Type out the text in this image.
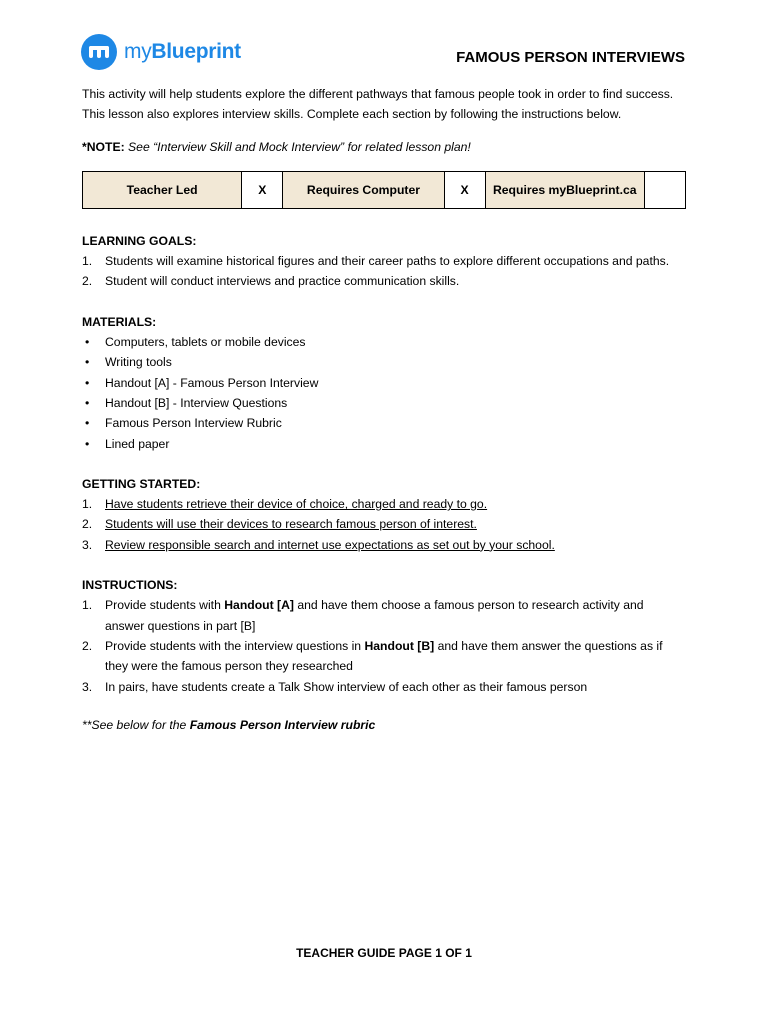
myBlueprint	FAMOUS PERSON INTERVIEWS

This activity will help students explore the different pathways that famous people took in order to find success. This lesson also explores interview skills. Complete each section by following the instructions below.

*NOTE: See “Interview Skill and Mock Interview” for related lesson plan!

Teacher Led	X	Requires Computer	X	Requires myBlueprint.ca	

LEARNING GOALS:

1. Students will examine historical figures and their career paths to explore different occupations and paths.
2. Student will conduct interviews and practice communication skills.

MATERIALS:

• Computers, tablets or mobile devices
• Writing tools
• Handout [A] - Famous Person Interview
• Handout [B] - Interview Questions
• Famous Person Interview Rubric
• Lined paper

GETTING STARTED:

1. Have students retrieve their device of choice, charged and ready to go.
2. Students will use their devices to research famous person of interest.
3. Review responsible search and internet use expectations as set out by your school.

INSTRUCTIONS:

1. Provide students with Handout [A] and have them choose a famous person to research activity and answer questions in part [B]
2. Provide students with the interview questions in Handout [B] and have them answer the questions as if they were the famous person they researched
3. In pairs, have students create a Talk Show interview of each other as their famous person

**See below for the Famous Person Interview rubric

TEACHER GUIDE PAGE 1 OF 1
